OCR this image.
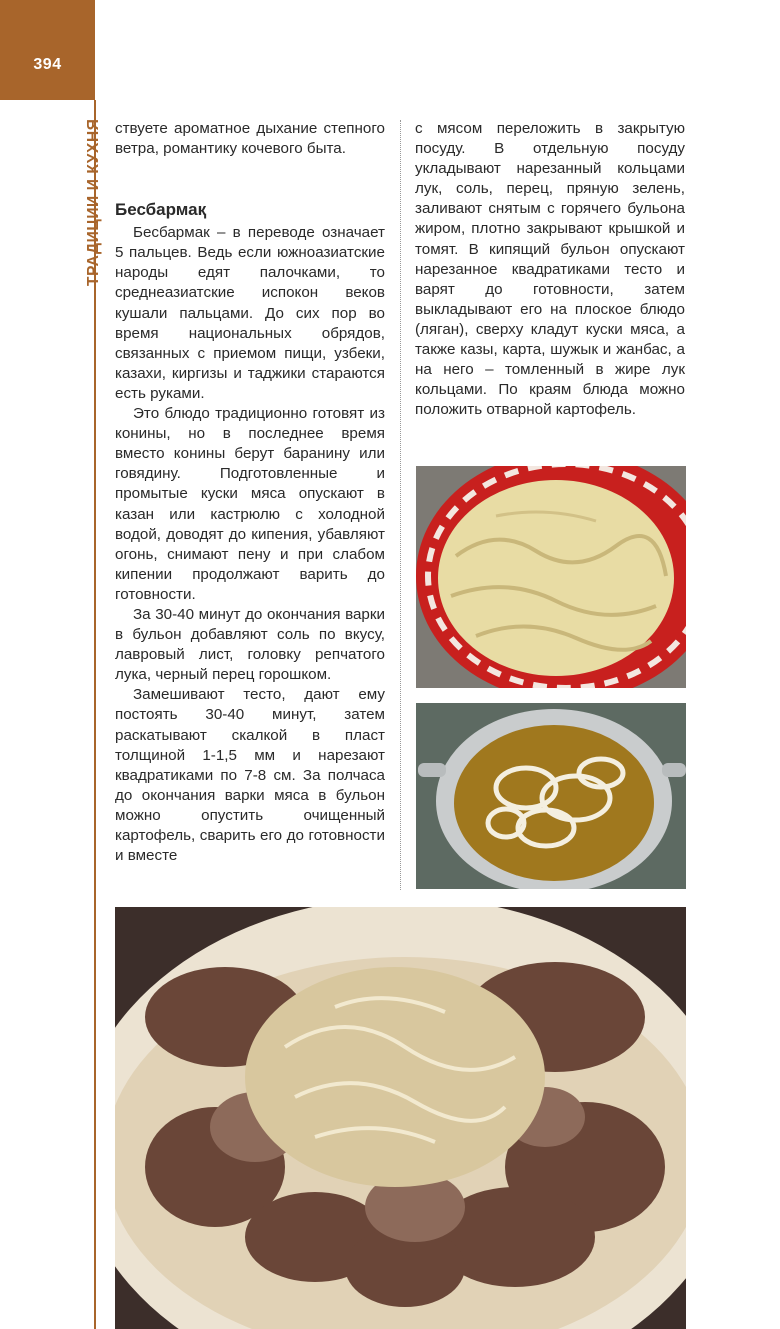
394
ТРАДИЦИИ И КУХНЯ ствуете ароматное дыхание степного ветра, романтику кочевого быта.

Бесбармак – в переводе означает 5 пальцев. Ведь если южноазиатские народы едят палочками, то среднеазиатские испокон веков кушали пальцами. До сих пор во время национальных обрядов, связанных с приемом пищи, узбеки, казахи, киргизы и таджики стараются есть руками.

Это блюдо традиционно готовят из конины, но в последнее время вместо конины берут баранину или говядину. Подготовленные и промытые куски мяса опускают в казан или кастрюлю с холодной водой, доводят до кипения, убавляют огонь, снимают пену и при слабом кипении продолжают варить до готовности.

За 30-40 минут до окончания варки в бульон добавляют соль по вкусу, лавровый лист, головку репчатого лука, черный перец горошком.

Замешивают тесто, дают ему постоять 30-40 минут, затем раскатывают скалкой в пласт толщиной 1-1,5 мм и нарезают квадратиками по 7-8 см. За полчаса до окончания варки мяса в бульон можно опустить очищенный картофель, сварить его до готовности и вместе

Бесбармақ

с мясом переложить в закрытую посуду. В отдельную посуду укладывают нарезанный кольцами лук, соль, перец, пряную зелень, заливают снятым с горячего бульона жиром, плотно закрывают крышкой и томят. В кипящий бульон опускают нарезанное квадратиками тесто и варят до готовности, затем выкладывают его на плоское блюдо (ляган), сверху кладут куски мяса, а также казы, карта, шужык и жанбас, а на него – томленный в жире лук кольцами. По краям блюда можно положить отварной картофель.
